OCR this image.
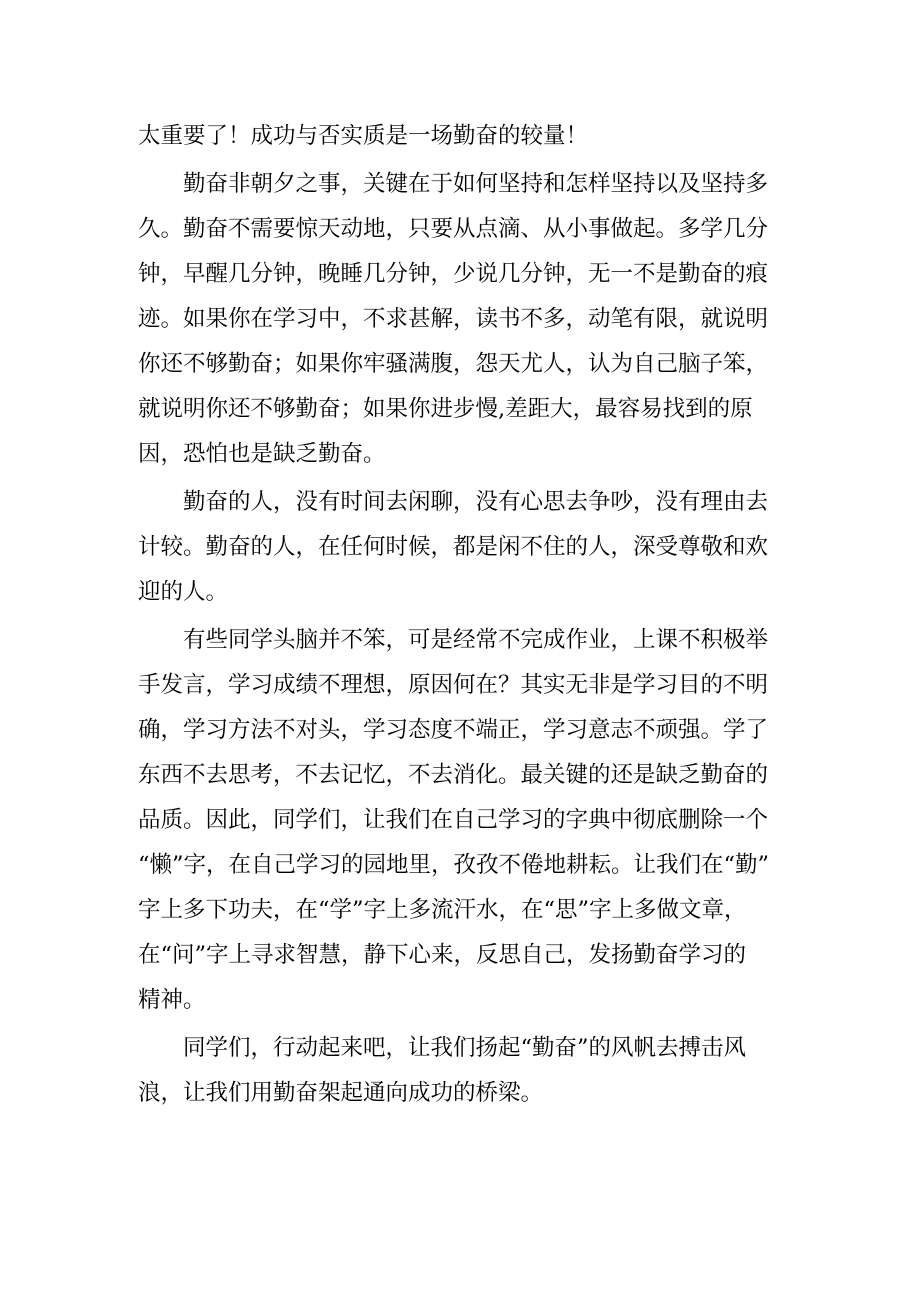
太重要了！成功与否实质是一场勤奋的较量！
　　勤奋非朝夕之事，关键在于如何坚持和怎样坚持以及坚持多
久。勤奋不需要惊天动地，只要从点滴、从小事做起。多学几分
钟，早醒几分钟，晚睡几分钟，少说几分钟，无一不是勤奋的痕
迹。如果你在学习中，不求甚解，读书不多，动笔有限，就说明
你还不够勤奋；如果你牢骚满腹，怨天尤人，认为自己脑子笨，
就说明你还不够勤奋；如果你进步慢,差距大，最容易找到的原
因，恐怕也是缺乏勤奋。
　　勤奋的人，没有时间去闲聊，没有心思去争吵，没有理由去
计较。勤奋的人，在任何时候，都是闲不住的人，深受尊敬和欢
迎的人。
　　有些同学头脑并不笨，可是经常不完成作业，上课不积极举
手发言，学习成绩不理想，原因何在？其实无非是学习目的不明
确，学习方法不对头，学习态度不端正，学习意志不顽强。学了
东西不去思考，不去记忆，不去消化。最关键的还是缺乏勤奋的
品质。因此，同学们，让我们在自己学习的字典中彻底删除一个
“懒”字，在自己学习的园地里，孜孜不倦地耕耘。让我们在“勤”
字上多下功夫，在“学”字上多流汗水，在“思”字上多做文章，
在“问”字上寻求智慧，静下心来，反思自己，发扬勤奋学习的
精神。
　　同学们，行动起来吧，让我们扬起“勤奋”的风帆去搏击风
浪，让我们用勤奋架起通向成功的桥梁。
